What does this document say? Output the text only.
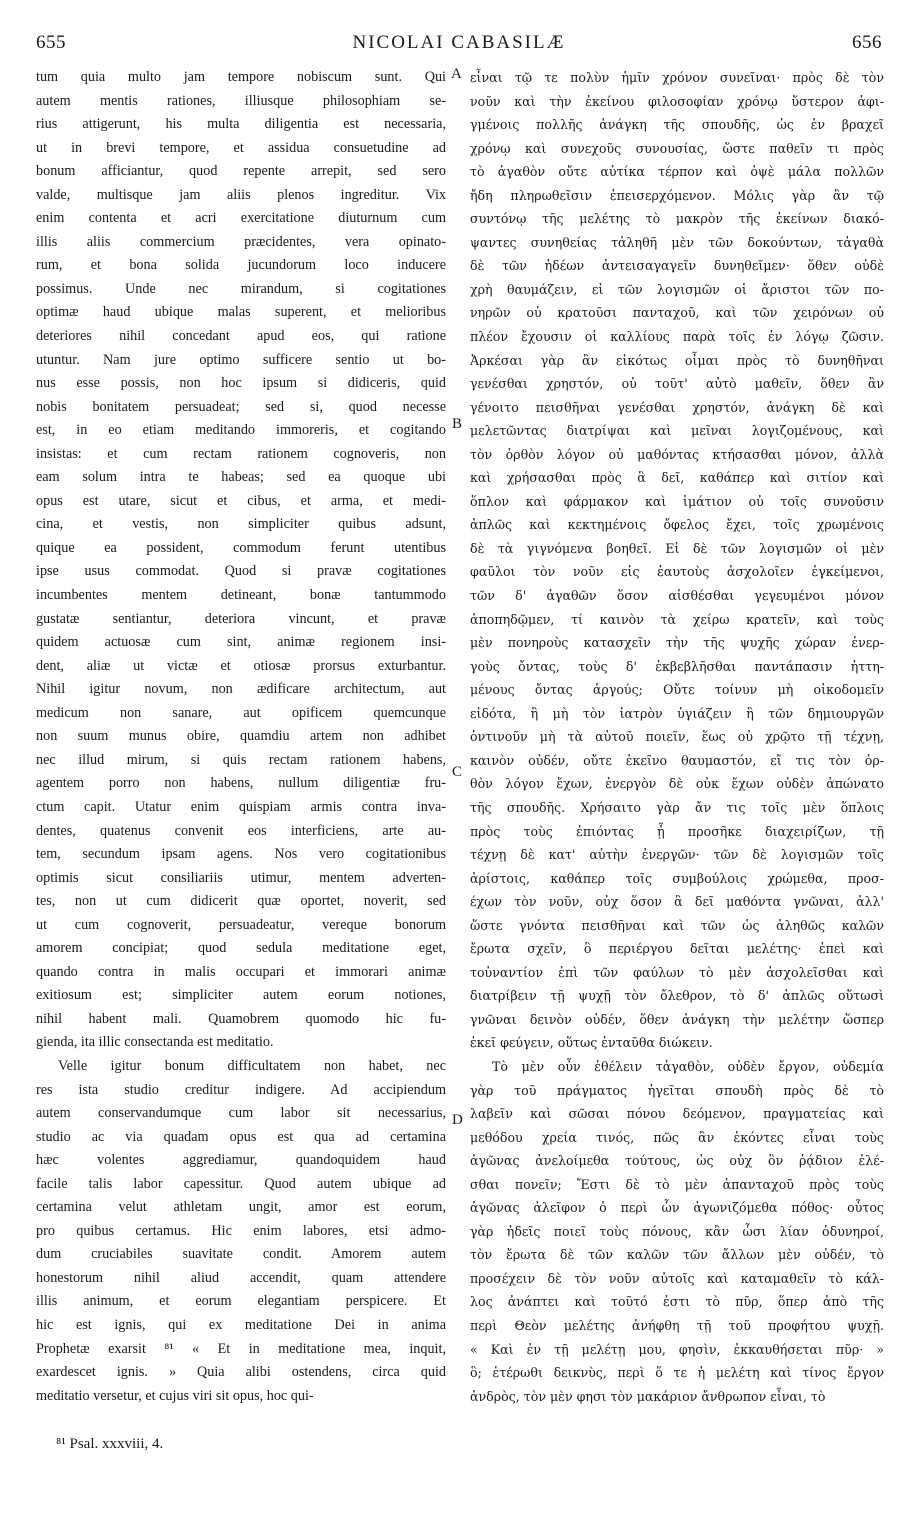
655	NICOLAI CABASILÆ	656
tum quia multo jam tempore nobiscum sunt. Qui
autem mentis rationes, illiusque philosophiam se-
rius attigerunt, his multa diligentia est necessaria,
ut in brevi tempore, et assidua consuetudine ad
bonum afficiantur, quod repente arrepit, sed sero
valde, multisque jam aliis plenos ingreditur. Vix
enim contenta et acri exercitatione diuturnum cum
illis aliis commercium præcidentes, vera opinato-
rum, et bona solida jucundorum loco inducere
possimus. Unde nec mirandum, si cogitationes
optimæ haud ubique malas superent, et melioribus
deteriores nihil concedant apud eos, qui ratione
utuntur. Nam jure optimo sufficere sentio ut bo-
nus esse possis, non hoc ipsum si didiceris, quid
nobis bonitatem persuadeat; sed si, quod necesse
est, in eo etiam meditando immoreris, et cogitando
insistas: et cum rectam rationem cognoveris, non
eam solum intra te habeas; sed ea quoque ubi
opus est utare, sicut et cibus, et arma, et medi-
cina, et vestis, non simpliciter quibus adsunt,
quique ea possident, commodum ferunt utentibus
ipse usus commodat. Quod si pravæ cogitationes
incumbentes mentem detineant, bonæ tantummodo
gustatæ sentiantur, deteriora vincunt, et pravæ
quidem actuosæ cum sint, animæ regionem insi-
dent, aliæ ut victæ et otiosæ prorsus exturbantur.
Nihil igitur novum, non ædificare architectum, aut
medicum non sanare, aut opificem quemcunque
non suum munus obire, quamdiu artem non adhibet
nec illud mirum, si quis rectam rationem habens,
agentem porro non habens, nullum diligentiæ fru-
ctum capit. Utatur enim quispiam armis contra inva-
dentes, quatenus convenit eos interficiens, arte au-
tem, secundum ipsam agens. Nos vero cogitationibus
optimis sicut consiliariis utimur, mentem adverten-
tes, non ut cum didicerit quæ oportet, noverit, sed
ut cum cognoverit, persuadeatur, vereque bonorum
amorem concipiat; quod sedula meditatione eget,
quando contra in malis occupari et immorari animæ
exitiosum est; simpliciter autem eorum notiones,
nihil habent mali. Quamobrem quomodo hic fu-
gienda, ita illic consectanda est meditatio.
Velle igitur bonum difficultatem non habet, nec
res ista studio creditur indigere. Ad accipiendum
autem conservandumque cum labor sit necessarius,
studio ac via quadam opus est qua ad certamina
hæc volentes aggrediamur, quandoquidem haud
facile talis labor capessitur. Quod autem ubique ad
certamina velut athletam ungit, amor est eorum,
pro quibus certamus. Hic enim labores, etsi admo-
dum cruciabiles suavitate condit. Amorem autem
honestorum nihil aliud accendit, quam attendere
illis animum, et eorum elegantiam perspicere. Et
hic est ignis, qui ex meditatione Dei in anima
Prophetæ exarsit ⁸¹ « Et in meditatione mea, inquit,
exardescet ignis. » Quia alibi ostendens, circa quid
meditatio versetur, et cujus viri sit opus, hoc qui-
εἶναι τῷ τε πολὺν ἡμῖν χρόνον συνεῖναι· πρὸς δὲ τὸν
νοῦν καὶ τὴν ἐκείνου φιλοσοφίαν χρόνῳ ὕστερον ἀφι-
γμένοις πολλῆς ἀνάγκη τῆς σπουδῆς, ὡς ἐν βραχεῖ
χρόνῳ καὶ συνεχοῦς συνουσίας, ὥστε παθεῖν τι πρὸς
τὸ ἀγαθὸν οὔτε αὐτίκα τέρπον καὶ ὀψὲ μάλα πολλῶν
ἤδη πληρωθεῖσιν ἐπεισερχόμενον. Μόλις γὰρ ἂν τῷ
συντόνῳ τῆς μελέτης τὸ μακρὸν τῆς ἐκείνων διακό-
ψαντες συνηθείας τἀληθῆ μὲν τῶν δοκούντων, τἀγαθὰ
δὲ τῶν ἡδέων ἀντεισαγαγεῖν δυνηθεῖμεν· ὅθεν οὐδὲ
χρὴ θαυμάζειν, εἰ τῶν λογισμῶν οἱ ἄριστοι τῶν πο-
νηρῶν οὐ κρατοῦσι πανταχοῦ, καὶ τῶν χειρόνων οὐ
πλέον ἔχουσιν οἱ καλλίους παρὰ τοῖς ἐν λόγῳ ζῶσιν.
Ἀρκέσαι γὰρ ἂν εἰκότως οἶμαι πρὸς τὸ δυνηθῆναι
γενέσθαι χρηστόν, οὐ τοῦτ' αὐτὸ μαθεῖν, ὅθεν ἂν
γένοιτο πεισθῆναι γενέσθαι χρηστόν, ἀνάγκη δὲ καὶ
μελετῶντας διατρίψαι καὶ μεῖναι λογιζομένους, καὶ
τὸν ὀρθὸν λόγον οὐ μαθόντας κτήσασθαι μόνον, ἀλλὰ
καὶ χρήσασθαι πρὸς ἃ δεῖ, καθάπερ καὶ σιτίον καὶ
ὅπλον καὶ φάρμακον καὶ ἱμάτιον οὐ τοῖς συνοῦσιν
ἁπλῶς καὶ κεκτημένοις ὄφελος ἔχει, τοῖς χρωμένοις
δὲ τὰ γιγνόμενα βοηθεῖ. Εἰ δὲ τῶν λογισμῶν οἱ μὲν
φαῦλοι τὸν νοῦν εἰς ἑαυτοὺς ἀσχολοῖεν ἐγκείμενοι,
τῶν δ' ἀγαθῶν ὅσον αἰσθέσθαι γεγευμένοι μόνον
ἀποπηδῷμεν, τί καινὸν τὰ χείρω κρατεῖν, καὶ τοὺς
μὲν πονηροὺς κατασχεῖν τὴν τῆς ψυχῆς χώραν ἐνερ-
γοὺς ὄντας, τοὺς δ' ἐκβεβλῆσθαι παντάπασιν ἡττη-
μένους ὄντας ἀργούς; Οὔτε τοίνυν μὴ οἰκοδομεῖν
εἰδότα, ἢ μὴ τὸν ἰατρὸν ὑγιάζειν ἢ τῶν δημιουργῶν
ὁντινοῦν μὴ τὰ αὑτοῦ ποιεῖν, ἕως οὐ χρῷτο τῇ τέχνῃ,
καινὸν οὐδέν, οὔτε ἐκεῖνο θαυμαστόν, εἴ τις τὸν ὀρ-
θὸν λόγον ἔχων, ἐνεργὸν δὲ οὐκ ἔχων οὐδὲν ἀπώνατο
τῆς σπουδῆς. Χρήσαιτο γὰρ ἄν τις τοῖς μὲν ὅπλοις
πρὸς τοὺς ἐπιόντας ᾗ προσῆκε διαχειρίζων, τῇ
τέχνῃ δὲ κατ' αὐτὴν ἐνεργῶν· τῶν δὲ λογισμῶν τοῖς
ἀρίστοις, καθάπερ τοῖς συμβούλοις χρώμεθα, προσ-
έχων τὸν νοῦν, οὐχ ὅσον ἃ δεῖ μαθόντα γνῶναι, ἀλλ'
ὥστε γνόντα πεισθῆναι καὶ τῶν ὡς ἀληθῶς καλῶν
ἔρωτα σχεῖν, ὃ περιέργου δεῖται μελέτης· ἐπεὶ καὶ
τοὐναντίον ἐπὶ τῶν φαύλων τὸ μὲν ἀσχολεῖσθαι καὶ
διατρίβειν τῇ ψυχῇ τὸν ὄλεθρον, τὸ δ' ἁπλῶς οὕτωσὶ
γνῶναι δεινὸν οὐδέν, ὅθεν ἀνάγκη τὴν μελέτην ὥσπερ
ἐκεῖ φεύγειν, οὕτως ἐνταῦθα διώκειν.
Τὸ μὲν οὖν ἐθέλειν τἀγαθὸν, οὐδὲν ἔργον, οὐδεμία
γὰρ τοῦ πράγματος ἡγεῖται σπουδὴ πρὸς δὲ τὸ
λαβεῖν καὶ σῶσαι πόνου δεόμενον, πραγματείας καὶ
μεθόδου χρεία τινός, πῶς ἂν ἑκόντες εἶναι τοὺς
ἀγῶνας ἀνελοίμεθα τούτους, ὡς οὐχ ὂν ῥᾴδιον ἐλέ-
σθαι πονεῖν; Ἔστι δὲ τὸ μὲν ἁπανταχοῦ πρὸς τοὺς
ἀγῶνας ἀλεῖφον ὁ περὶ ὧν ἀγωνιζόμεθα πόθος· οὗτος
γὰρ ἡδεῖς ποιεῖ τοὺς πόνους, κἂν ὦσι λίαν ὀδυνηροί,
τὸν ἔρωτα δὲ τῶν καλῶν τῶν ἄλλων μὲν οὐδέν, τὸ
προσέχειν δὲ τὸν νοῦν αὐτοῖς καὶ καταμαθεῖν τὸ κάλ-
λος ἀνάπτει καὶ τοῦτό ἐστι τὸ πῦρ, ὅπερ ἀπὸ τῆς
περὶ Θεὸν μελέτης ἀνήφθη τῇ τοῦ προφήτου ψυχῇ.
« Καὶ ἐν τῇ μελέτῃ μου, φησὶν, ἐκκαυθήσεται πῦρ· »
ὃ; ἑτέρωθι δεικνὺς, περὶ ὅ τε ἡ μελέτη καὶ τίνος ἔργον
ἀνδρὸς, τὸν μὲν φησι τὸν μακάριον ἄνθρωπον εἶναι, τὸ
A
B
C
D
⁸¹ Psal. xxxviii, 4.
